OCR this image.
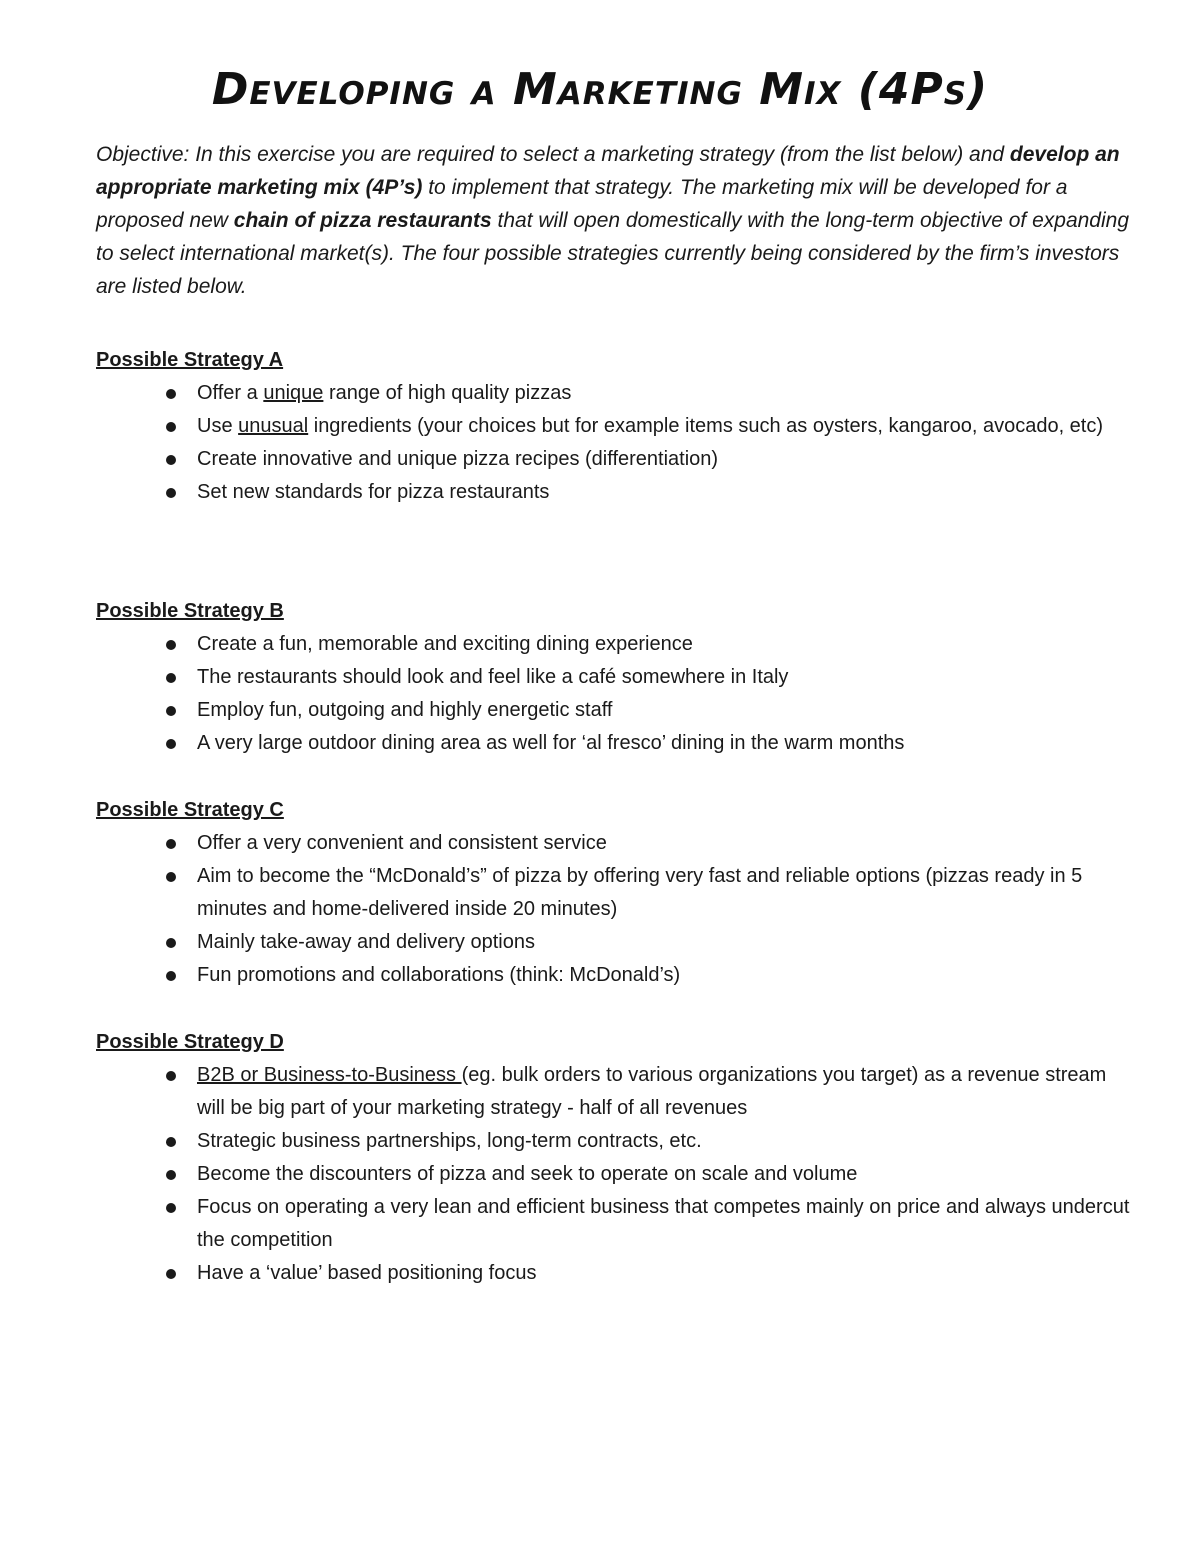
Developing a Marketing Mix (4Ps)

Objective: In this exercise you are required to select a marketing strategy (from the list below) and develop an appropriate marketing mix (4P’s) to implement that strategy. The marketing mix will be developed for a proposed new chain of pizza restaurants that will open domestically with the long-term objective of expanding to select international market(s). The four possible strategies currently being considered by the firm’s investors are listed below.

Possible Strategy A
Offer a unique range of high quality pizzas
Use unusual ingredients (your choices but for example items such as oysters, kangaroo, avocado, etc)
Create innovative and unique pizza recipes (differentiation)
Set new standards for pizza restaurants
Possible Strategy B
Create a fun, memorable and exciting dining experience
The restaurants should look and feel like a café somewhere in Italy
Employ fun, outgoing and highly energetic staff
A very large outdoor dining area as well for ‘al fresco’ dining in the warm months
Possible Strategy C
Offer a very convenient and consistent service
Aim to become the “McDonald’s” of pizza by offering very fast and reliable options (pizzas ready in 5 minutes and home-delivered inside 20 minutes)
Mainly take-away and delivery options
Fun promotions and collaborations (think: McDonald’s)
Possible Strategy D
B2B or Business-to-Business (eg. bulk orders to various organizations you target) as a revenue stream will be big part of your marketing strategy - half of all revenues
Strategic business partnerships, long-term contracts, etc.
Become the discounters of pizza and seek to operate on scale and volume
Focus on operating a very lean and efficient business that competes mainly on price and always undercut the competition
Have a ‘value’ based positioning focus
